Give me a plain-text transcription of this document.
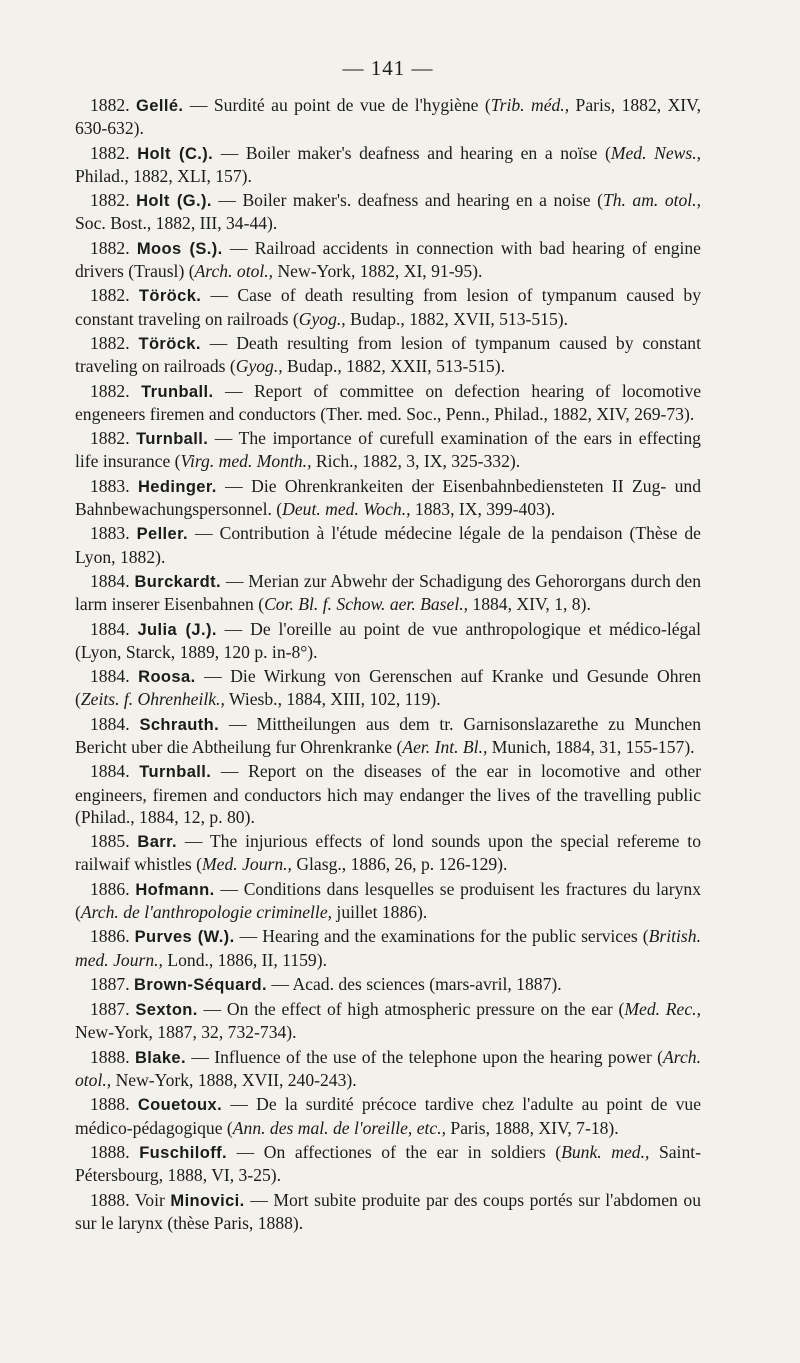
— 141 —

1882. Gellé. — Surdité au point de vue de l'hygiène (Trib. méd., Paris, 1882, XIV, 630-632).

1882. Holt (C.). — Boiler maker's deafness and hearing en a noïse (Med. News., Philad., 1882, XLI, 157).

1882. Holt (G.). — Boiler maker's. deafness and hearing en a noise (Th. am. otol., Soc. Bost., 1882, III, 34-44).

1882. Moos (S.). — Railroad accidents in connection with bad hearing of engine drivers (Trausl) (Arch. otol., New-York, 1882, XI, 91-95).

1882. Töröck. — Case of death resulting from lesion of tympanum caused by constant traveling on railroads (Gyog., Budap., 1882, XVII, 513-515).

1882. Töröck. — Death resulting from lesion of tympanum caused by constant traveling on railroads (Gyog., Budap., 1882, XXII, 513-515).

1882. Trunball. — Report of committee on defection hearing of locomotive engeneers firemen and conductors (Ther. med. Soc., Penn., Philad., 1882, XIV, 269-73).

1882. Turnball. — The importance of curefull examination of the ears in effecting life insurance (Virg. med. Month., Rich., 1882, 3, IX, 325-332).

1883. Hedinger. — Die Ohrenkrankeiten der Eisenbahnbediensteten II Zug- und Bahnbewachungspersonnel. (Deut. med. Woch., 1883, IX, 399-403).

1883. Peller. — Contribution à l'étude médecine légale de la pendaison (Thèse de Lyon, 1882).

1884. Burckardt. — Merian zur Abwehr der Schadigung des Gehororgans durch den larm inserer Eisenbahnen (Cor. Bl. f. Schow. aer. Basel., 1884, XIV, 1, 8).

1884. Julia (J.). — De l'oreille au point de vue anthropologique et médico-légal (Lyon, Starck, 1889, 120 p. in-8°).

1884. Roosa. — Die Wirkung von Gerenschen auf Kranke und Gesunde Ohren (Zeits. f. Ohrenheilk., Wiesb., 1884, XIII, 102, 119).

1884. Schrauth. — Mittheilungen aus dem tr. Garnisonslazarethe zu Munchen Bericht uber die Abtheilung fur Ohrenkranke (Aer. Int. Bl., Munich, 1884, 31, 155-157).

1884. Turnball. — Report on the diseases of the ear in locomotive and other engineers, firemen and conductors hich may endanger the lives of the travelling public (Philad., 1884, 12, p. 80).

1885. Barr. — The injurious effects of lond sounds upon the special refereme to railwaif whistles (Med. Journ., Glasg., 1886, 26, p. 126-129).

1886. Hofmann. — Conditions dans lesquelles se produisent les fractures du larynx (Arch. de l'anthropologie criminelle, juillet 1886).

1886. Purves (W.). — Hearing and the examinations for the public services (British. med. Journ., Lond., 1886, II, 1159).

1887. Brown-Séquard. — Acad. des sciences (mars-avril, 1887).

1887. Sexton. — On the effect of high atmospheric pressure on the ear (Med. Rec., New-York, 1887, 32, 732-734).

1888. Blake. — Influence of the use of the telephone upon the hearing power (Arch. otol., New-York, 1888, XVII, 240-243).

1888. Couetoux. — De la surdité précoce tardive chez l'adulte au point de vue médico-pédagogique (Ann. des mal. de l'oreille, etc., Paris, 1888, XIV, 7-18).

1888. Fuschiloff. — On affectiones of the ear in soldiers (Bunk. med., Saint-Pétersbourg, 1888, VI, 3-25).

1888. Voir Minovici. — Mort subite produite par des coups portés sur l'abdomen ou sur le larynx (thèse Paris, 1888).
